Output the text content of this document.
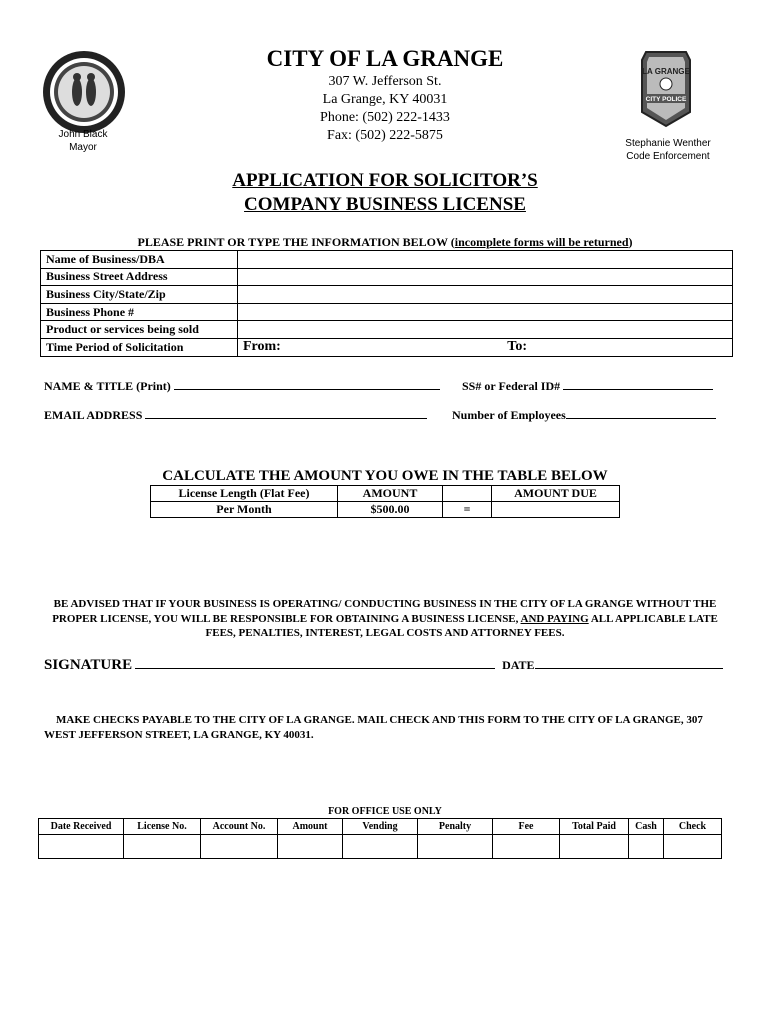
CITY OF LA GRANGE
307 W. Jefferson St.
La Grange, KY 40031
Phone: (502) 222-1433
Fax: (502) 222-5875
John Black
Mayor
LA GRANGE
CITY POLICE
Stephanie Wenther
Code Enforcement
APPLICATION FOR SOLICITOR’S
COMPANY BUSINESS LICENSE
PLEASE PRINT OR TYPE THE INFORMATION BELOW (incomplete forms will be returned)
Name of Business/DBA	
Business Street Address	
Business City/State/Zip	
Business Phone #	
Product or services being sold	
Time Period of Solicitation	From: To:
NAME & TITLE (Print)	SS# or Federal ID#
EMAIL ADDRESS	Number of Employees
CALCULATE THE AMOUNT YOU OWE IN THE TABLE BELOW
License Length (Flat Fee)	AMOUNT		AMOUNT DUE
Per Month	$500.00	=	
BE ADVISED THAT IF YOUR BUSINESS IS OPERATING/ CONDUCTING BUSINESS IN THE CITY OF LA GRANGE WITHOUT THE PROPER LICENSE, YOU WILL BE RESPONSIBLE FOR OBTAINING A BUSINESS LICENSE, AND PAYING ALL APPLICABLE LATE FEES, PENALTIES, INTEREST, LEGAL COSTS AND ATTORNEY FEES.
SIGNATURE	DATE
MAKE CHECKS PAYABLE TO THE CITY OF LA GRANGE. MAIL CHECK AND THIS FORM TO THE CITY OF LA GRANGE, 307 WEST JEFFERSON STREET, LA GRANGE, KY 40031.
FOR OFFICE USE ONLY
Date Received	License No.	Account No.	Amount	Vending	Penalty	Fee	Total Paid	Cash	Check
